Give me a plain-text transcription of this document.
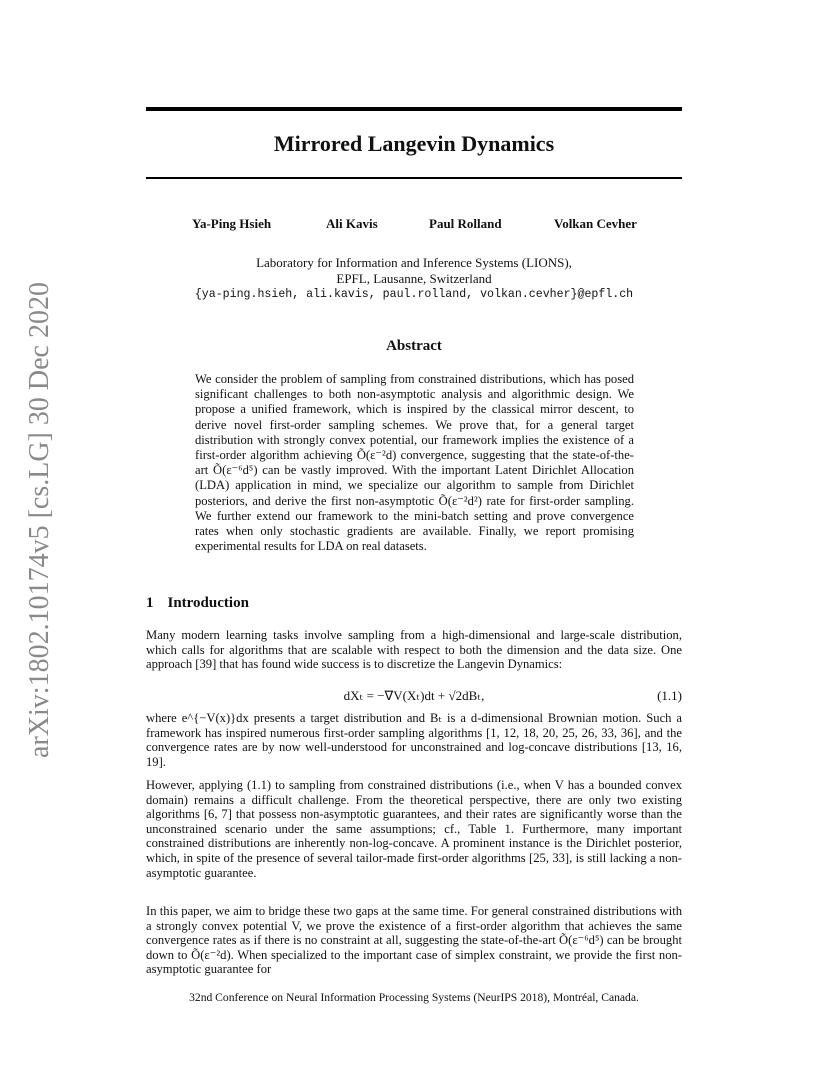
arXiv:1802.10174v5 [cs.LG] 30 Dec 2020
Mirrored Langevin Dynamics
Ya-Ping Hsieh	Ali Kavis	Paul Rolland	Volkan Cevher
Laboratory for Information and Inference Systems (LIONS),
EPFL, Lausanne, Switzerland
{ya-ping.hsieh, ali.kavis, paul.rolland, volkan.cevher}@epfl.ch
Abstract
We consider the problem of sampling from constrained distributions, which has posed significant challenges to both non-asymptotic analysis and algorithmic design. We propose a unified framework, which is inspired by the classical mirror descent, to derive novel first-order sampling schemes. We prove that, for a general target distribution with strongly convex potential, our framework implies the existence of a first-order algorithm achieving Õ(ε⁻²d) convergence, suggesting that the state-of-the-art Õ(ε⁻⁶d⁵) can be vastly improved. With the important Latent Dirichlet Allocation (LDA) application in mind, we specialize our algorithm to sample from Dirichlet posteriors, and derive the first non-asymptotic Õ(ε⁻²d²) rate for first-order sampling. We further extend our framework to the mini-batch setting and prove convergence rates when only stochastic gradients are available. Finally, we report promising experimental results for LDA on real datasets.
1 Introduction
Many modern learning tasks involve sampling from a high-dimensional and large-scale distribution, which calls for algorithms that are scalable with respect to both the dimension and the data size. One approach [39] that has found wide success is to discretize the Langevin Dynamics:
dXₜ = −∇V(Xₜ)dt + √2dBₜ,	(1.1)
where e^{−V(x)}dx presents a target distribution and Bₜ is a d-dimensional Brownian motion. Such a framework has inspired numerous first-order sampling algorithms [1, 12, 18, 20, 25, 26, 33, 36], and the convergence rates are by now well-understood for unconstrained and log-concave distributions [13, 16, 19].
However, applying (1.1) to sampling from constrained distributions (i.e., when V has a bounded convex domain) remains a difficult challenge. From the theoretical perspective, there are only two existing algorithms [6, 7] that possess non-asymptotic guarantees, and their rates are significantly worse than the unconstrained scenario under the same assumptions; cf., Table 1. Furthermore, many important constrained distributions are inherently non-log-concave. A prominent instance is the Dirichlet posterior, which, in spite of the presence of several tailor-made first-order algorithms [25, 33], is still lacking a non-asymptotic guarantee.
In this paper, we aim to bridge these two gaps at the same time. For general constrained distributions with a strongly convex potential V, we prove the existence of a first-order algorithm that achieves the same convergence rates as if there is no constraint at all, suggesting the state-of-the-art Õ(ε⁻⁶d⁵) can be brought down to Õ(ε⁻²d). When specialized to the important case of simplex constraint, we provide the first non-asymptotic guarantee for
32nd Conference on Neural Information Processing Systems (NeurIPS 2018), Montréal, Canada.
